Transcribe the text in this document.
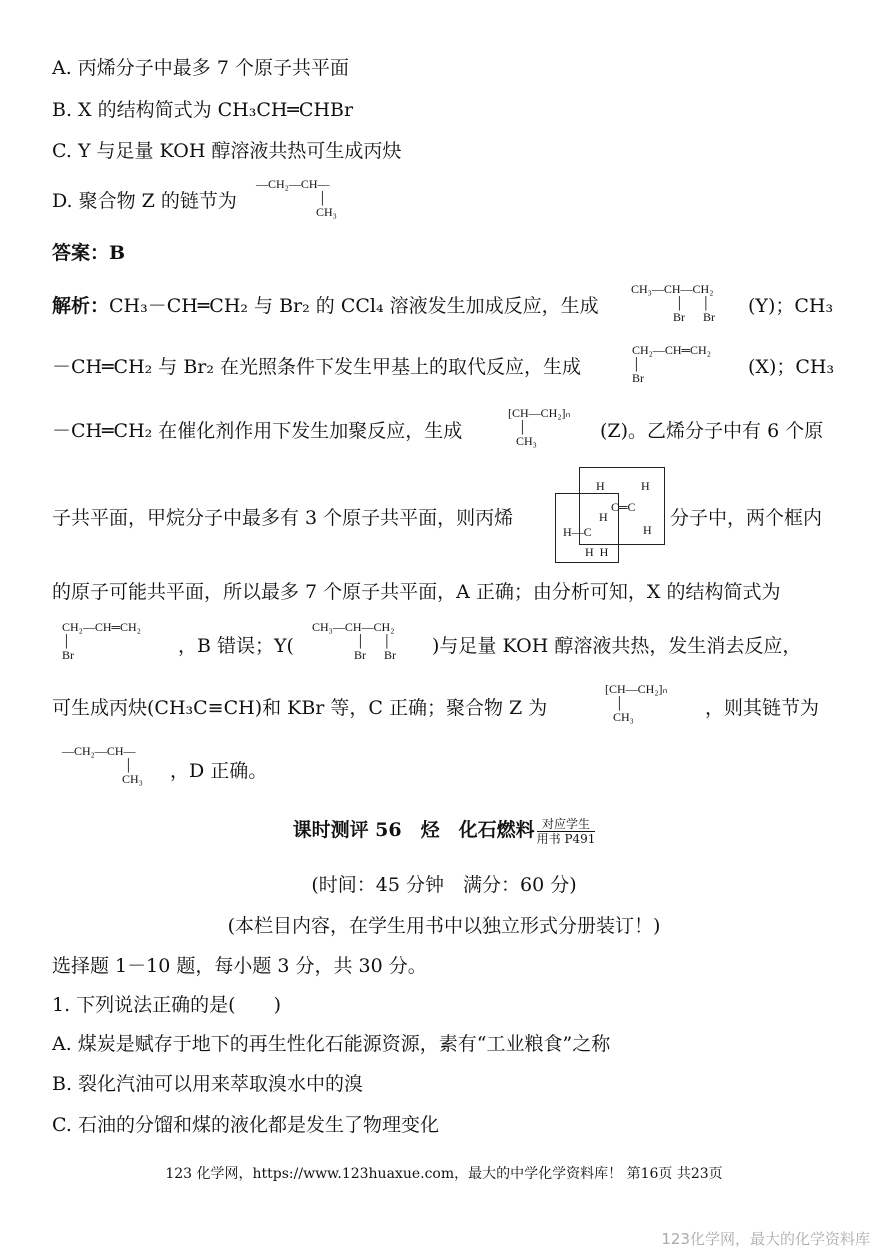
A. 丙烯分子中最多 7 个原子共平面
B. X 的结构简式为 CH₃CH═CHBr
C. Y 与足量 KOH 醇溶液共热可生成丙炔
D. 聚合物 Z 的链节为
—CH₂—CH—
│
CH₃
答案：B
解析：CH₃－CH═CH₂ 与 Br₂ 的 CCl₄ 溶液发生加成反应，生成
CH₃—CH—CH₂
│      │
Br      Br (Y)；CH₃
－CH═CH₂ 与 Br₂ 在光照条件下发生甲基上的取代反应，生成
CH₂—CH═CH₂
│
Br	(X)；CH₃
－CH═CH₂ 在催化剂作用下发生加聚反应，生成
[CH—CH₂]ₙ
│
CH₃	(Z)。乙烯分子中有 6 个原
子共平面，甲烷分子中最多有 3 个原子共平面，则丙烯
H	H
C═C
H
H—C
H
H  H
分子中，两个框内
的原子可能共平面，所以最多 7 个原子共平面，A 正确；由分析可知，X 的结构简式为
CH₂—CH═CH₂
│
Br	，B 错误；Y(
CH₃—CH—CH₂
│      │
Br      Br )与足量 KOH 醇溶液共热，发生消去反应，
可生成丙炔(CH₃C≡CH)和 KBr 等，C 正确；聚合物 Z 为
[CH—CH₂]ₙ
│
CH₃	，则其链节为
—CH₂—CH—
│
CH₃ ，D 正确。
课时测评 56　烃　化石燃料 $\frac{\text{对应学生}}{\text{用书 P491}}$
(时间：45 分钟　满分：60 分)
(本栏目内容，在学生用书中以独立形式分册装订！)
选择题 1－10 题，每小题 3 分，共 30 分。
1. 下列说法正确的是(　　)
A. 煤炭是赋存于地下的再生性化石能源资源，素有“工业粮食”之称
B. 裂化汽油可以用来萃取溴水中的溴
C. 石油的分馏和煤的液化都是发生了物理变化
123 化学网，https://www.123huaxue.com，最大的中学化学资料库！ 第16页 共23页
123化学网，最大的化学资料库
